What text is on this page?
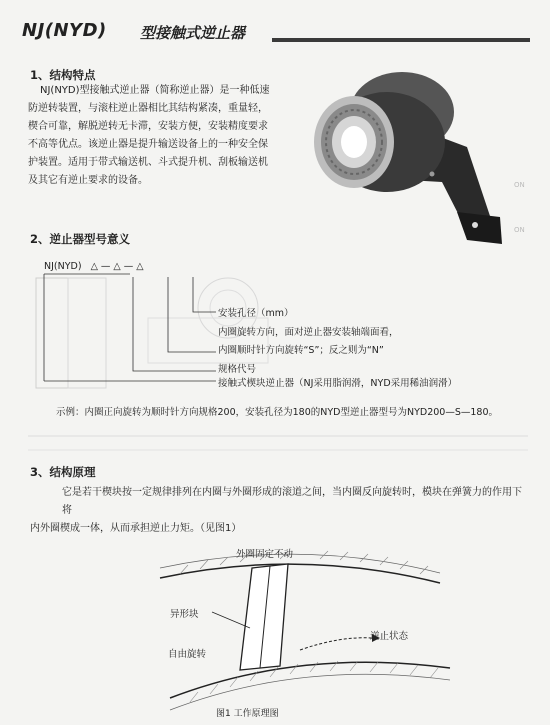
NJ(NYD) 型接触式逆止器
1、结构特点
NJ(NYD)型接触式逆止器（简称逆止器）是一种低速
防逆转装置，与滚柱逆止器相比其结构紧凑，重量轻，
楔合可靠，解脱逆转无卡滞，安装方便，安装精度要求
不高等优点。该逆止器是提升输送设备上的一种安全保
护装置。适用于带式输送机、斗式提升机、刮板输送机
及其它有逆止要求的设备。	ON
ON
2、逆止器型号意义
NJ(NYD) △ — △ — △
安装孔径（mm）
内圈旋转方向，面对逆止器安装轴端面看，
内圈顺时针方向旋转“S”；反之则为“N”
规格代号
接触式楔块逆止器（NJ采用脂润滑，NYD采用稀油润滑）
示例：内圈正向旋转为顺时针方向规格200，安装孔径为180的NYD型逆止器型号为NYD200—S—180。
3、结构原理
它是若干楔块按一定规律排列在内圈与外圈形成的滚道之间，当内圈反向旋转时，模块在弹簧力的作用下将
内外圈楔成一体，从而承担逆止力矩。（见图1）
外圈固定不动
异形块
逆止状态
自由旋转
图1 工作原理图
